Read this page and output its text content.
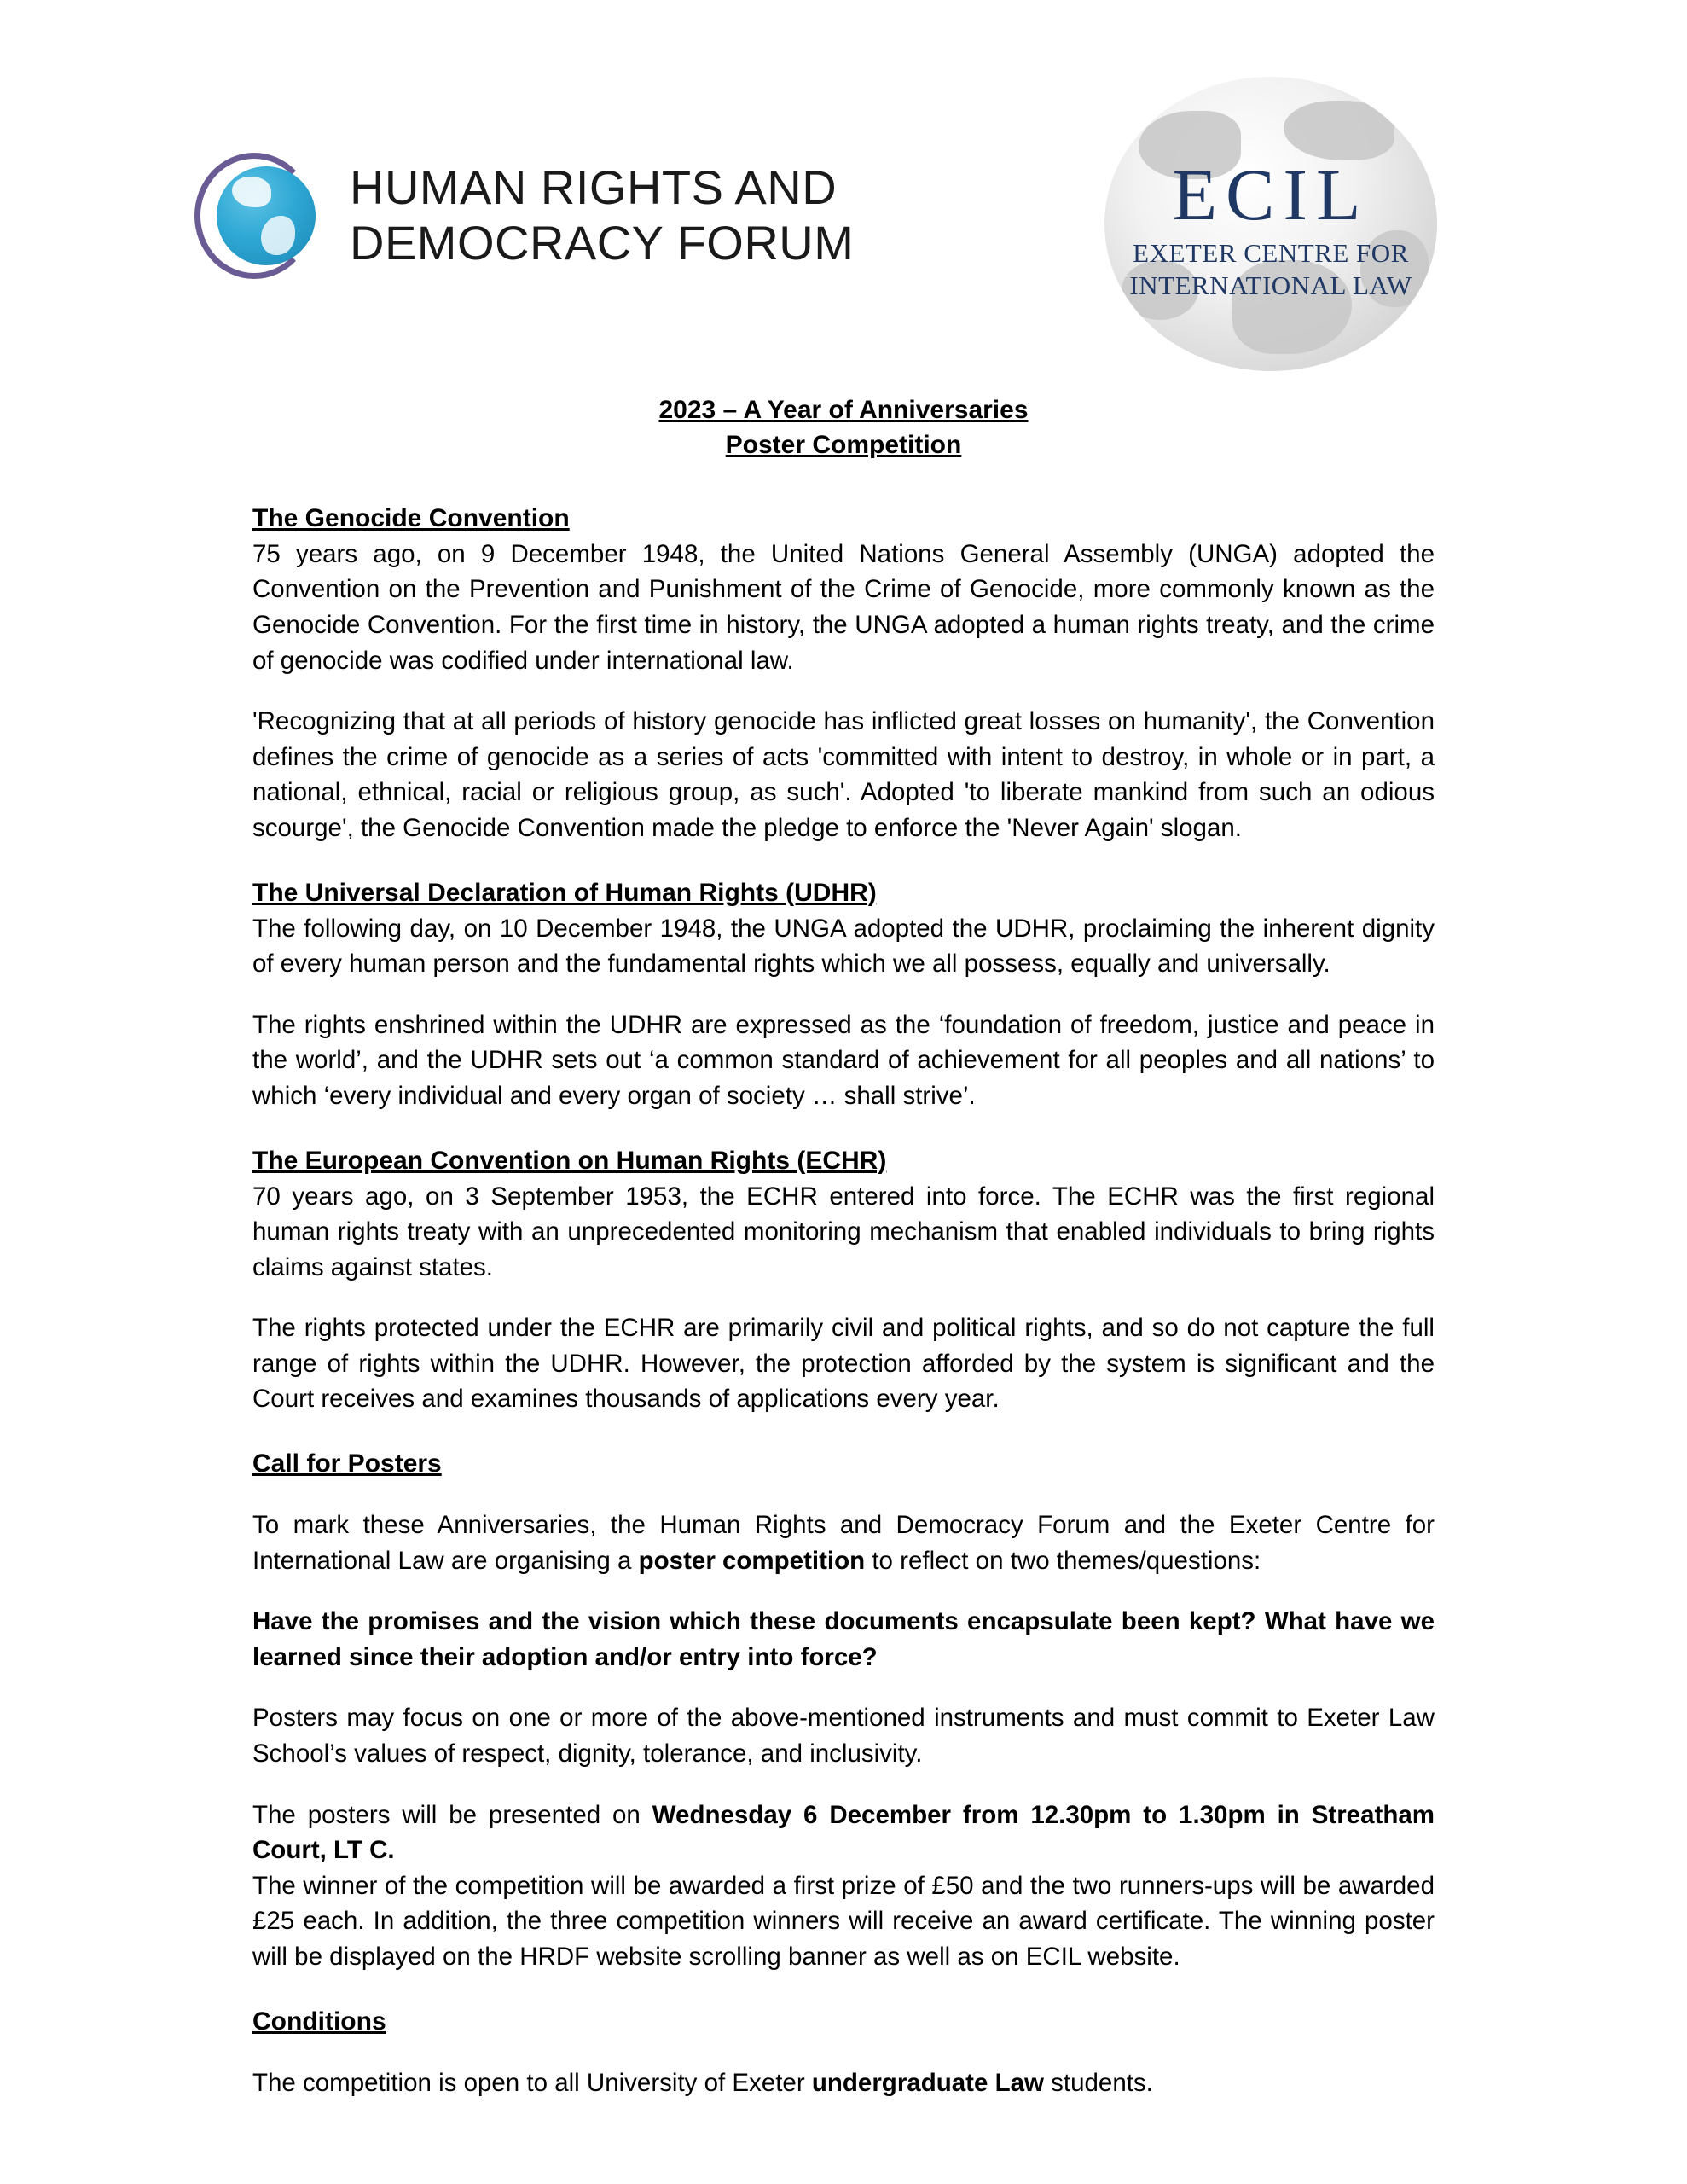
HUMAN RIGHTS AND
DEMOCRACY FORUM
ECIL
EXETER CENTRE FOR
INTERNATIONAL LAW
2023 – A Year of Anniversaries
Poster Competition
The Genocide Convention

75 years ago, on 9 December 1948, the United Nations General Assembly (UNGA) adopted the Convention on the Prevention and Punishment of the Crime of Genocide, more commonly known as the Genocide Convention. For the first time in history, the UNGA adopted a human rights treaty, and the crime of genocide was codified under international law.

'Recognizing that at all periods of history genocide has inflicted great losses on humanity', the Convention defines the crime of genocide as a series of acts 'committed with intent to destroy, in whole or in part, a national, ethnical, racial or religious group, as such'. Adopted 'to liberate mankind from such an odious scourge', the Genocide Convention made the pledge to enforce the 'Never Again' slogan.

The Universal Declaration of Human Rights (UDHR)

The following day, on 10 December 1948, the UNGA adopted the UDHR, proclaiming the inherent dignity of every human person and the fundamental rights which we all possess, equally and universally.

The rights enshrined within the UDHR are expressed as the ‘foundation of freedom, justice and peace in the world’, and the UDHR sets out ‘a common standard of achievement for all peoples and all nations’ to which ‘every individual and every organ of society … shall strive’.

The European Convention on Human Rights (ECHR)

70 years ago, on 3 September 1953, the ECHR entered into force. The ECHR was the first regional human rights treaty with an unprecedented monitoring mechanism that enabled individuals to bring rights claims against states.

The rights protected under the ECHR are primarily civil and political rights, and so do not capture the full range of rights within the UDHR. However, the protection afforded by the system is significant and the Court receives and examines thousands of applications every year.

Call for Posters

To mark these Anniversaries, the Human Rights and Democracy Forum and the Exeter Centre for International Law are organising a poster competition to reflect on two themes/questions:

Have the promises and the vision which these documents encapsulate been kept? What have we learned since their adoption and/or entry into force?

Posters may focus on one or more of the above-mentioned instruments and must commit to Exeter Law School’s values of respect, dignity, tolerance, and inclusivity.

The posters will be presented on Wednesday 6 December from 12.30pm to 1.30pm in Streatham Court, LT C.

The winner of the competition will be awarded a first prize of £50 and the two runners-ups will be awarded £25 each. In addition, the three competition winners will receive an award certificate. The winning poster will be displayed on the HRDF website scrolling banner as well as on ECIL website.

Conditions

The competition is open to all University of Exeter undergraduate Law students.
